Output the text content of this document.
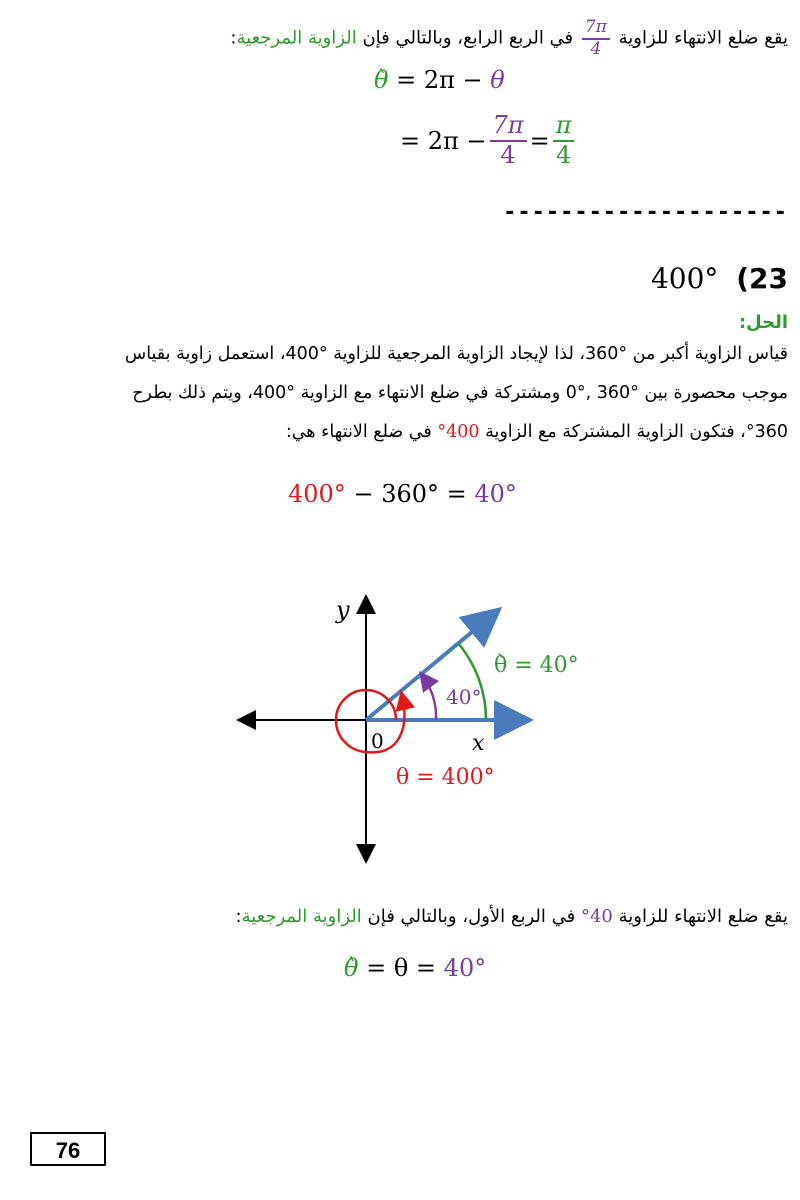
يقع ضلع الانتهاء للزاوية
$\frac{7\pi}{4}$
في الربع الرابع، وبالتالي فإن الزاوية المرجعية:
θ̀ = 2π − θ
= $2\pi - \frac{7\pi}{4} = \frac{\pi}{4}$
--------------------
400° (23
الحل:
قياس الزاوية أكبر من °360، لذا لإيجاد الزاوية المرجعية للزاوية °400، استعمل زاوية بقياس
موجب محصورة بين °360 ,°0 ومشتركة في ضلع الانتهاء مع الزاوية °400، ويتم ذلك بطرح
°360، فتكون الزاوية المشتركة مع الزاوية 400° في ضلع الانتهاء هي:
400° − 360° = 40°
y
x
0
θ̀ = 40°
40°
θ = 400°
يقع ضلع الانتهاء للزاوية 40° في الربع الأول، وبالتالي فإن الزاوية المرجعية:
θ̀ = θ = 40°
76
